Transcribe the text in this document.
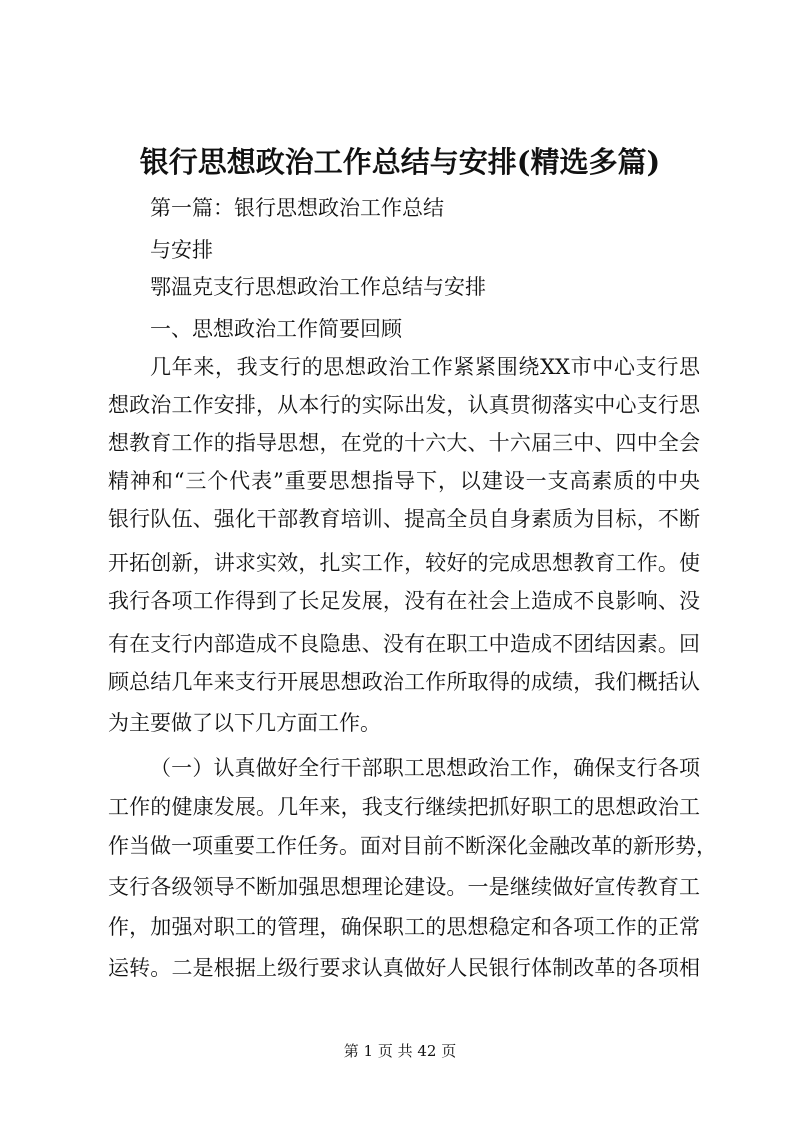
银行思想政治工作总结与安排(精选多篇)
第一篇：银行思想政治工作总结
与安排
鄂温克支行思想政治工作总结与安排
一、思想政治工作简要回顾
几年来，我支行的思想政治工作紧紧围绕XX市中心支行思
想政治工作安排，从本行的实际出发，认真贯彻落实中心支行思
想教育工作的指导思想，在党的十六大、十六届三中、四中全会
精神和“三个代表”重要思想指导下，以建设一支高素质的中央
银行队伍、强化干部教育培训、提高全员自身素质为目标，不断
开拓创新，讲求实效，扎实工作，较好的完成思想教育工作。使
我行各项工作得到了长足发展，没有在社会上造成不良影响、没
有在支行内部造成不良隐患、没有在职工中造成不团结因素。回
顾总结几年来支行开展思想政治工作所取得的成绩，我们概括认
为主要做了以下几方面工作。
（一）认真做好全行干部职工思想政治工作，确保支行各项
工作的健康发展。几年来，我支行继续把抓好职工的思想政治工
作当做一项重要工作任务。面对目前不断深化金融改革的新形势，
支行各级领导不断加强思想理论建设。一是继续做好宣传教育工
作，加强对职工的管理，确保职工的思想稳定和各项工作的正常
运转。二是根据上级行要求认真做好人民银行体制改革的各项相
第 1 页 共 42 页
